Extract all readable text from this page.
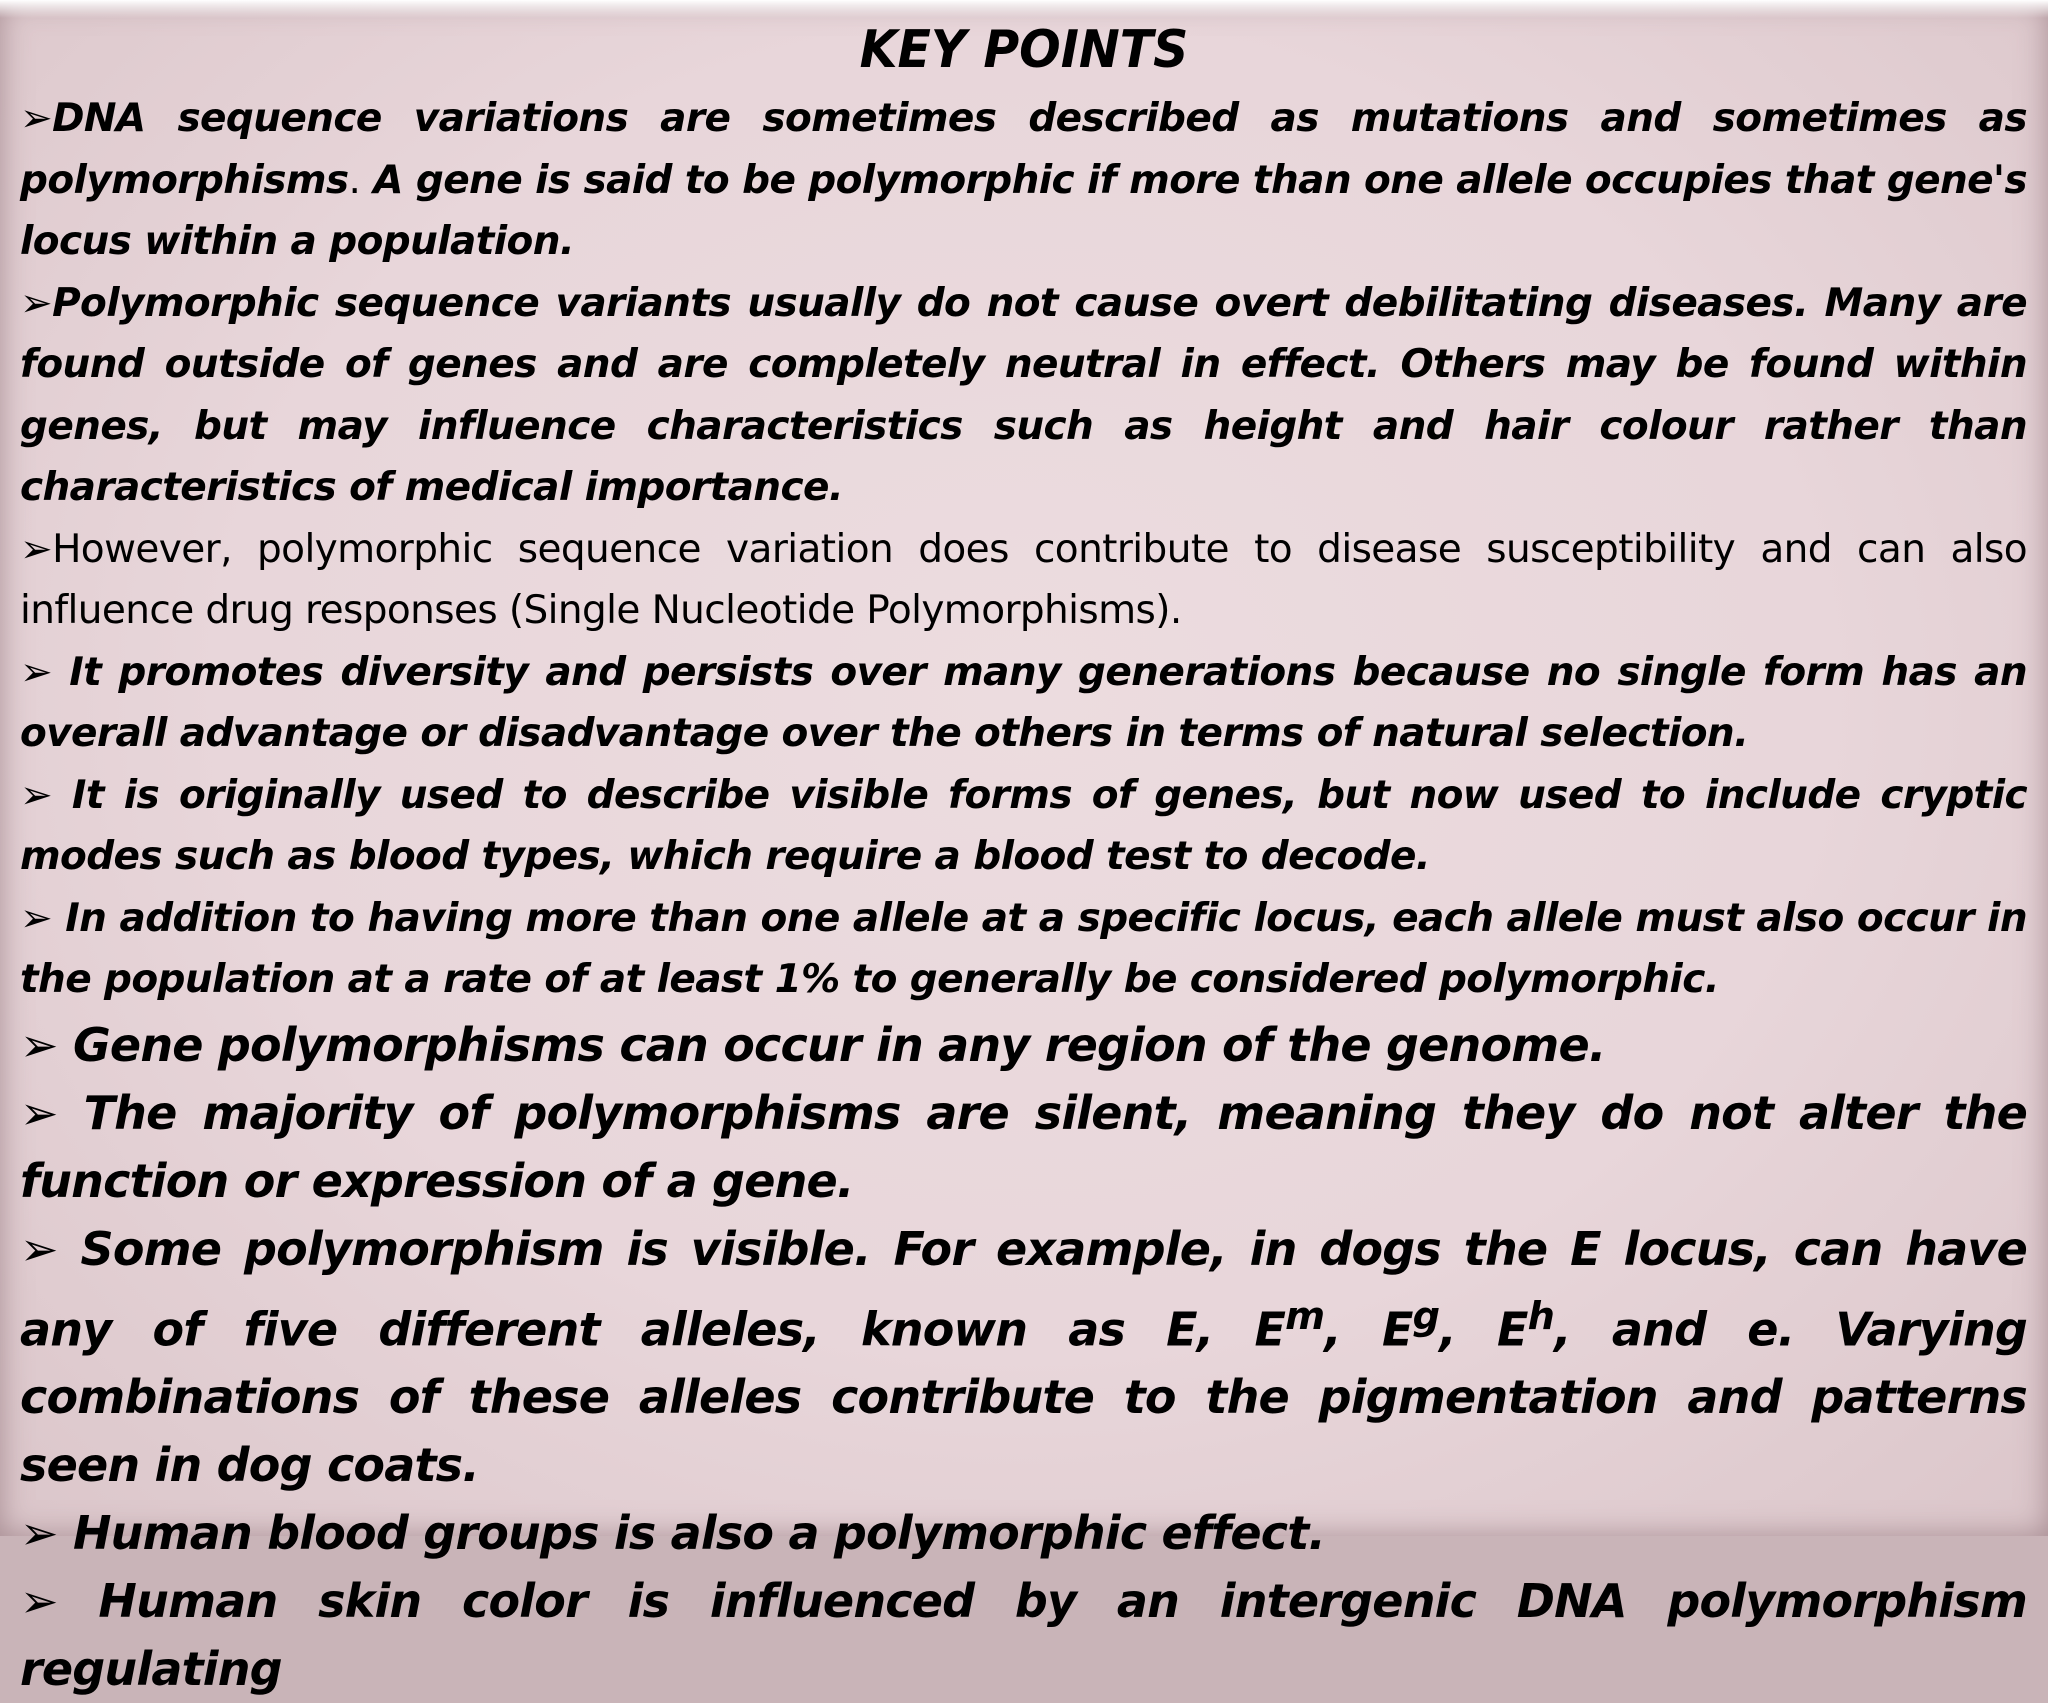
KEY POINTS

➢DNA sequence variations are sometimes described as mutations and sometimes as polymorphisms. A gene is said to be polymorphic if more than one allele occupies that gene's locus within a population.

➢Polymorphic sequence variants usually do not cause overt debilitating diseases. Many are found outside of genes and are completely neutral in effect. Others may be found within genes, but may influence characteristics such as height and hair colour rather than characteristics of medical importance.

➢However, polymorphic sequence variation does contribute to disease susceptibility and can also influence drug responses (Single Nucleotide Polymorphisms).

➢ It promotes diversity and persists over many generations because no single form has an overall advantage or disadvantage over the others in terms of natural selection.

➢ It is originally used to describe visible forms of genes, but now used to include cryptic modes such as blood types, which require a blood test to decode.

➢ In addition to having more than one allele at a specific locus, each allele must also occur in the population at a rate of at least 1% to generally be considered polymorphic.

➢ Gene polymorphisms can occur in any region of the genome.

➢ The majority of polymorphisms are silent, meaning they do not alter the function or expression of a gene.

➢ Some polymorphism is visible. For example, in dogs the E locus, can have any of five different alleles, known as E, $E^m$, $E^g$, $E^h$, and e. Varying combinations of these alleles contribute to the pigmentation and patterns seen in dog coats.

➢ Human blood groups is also a polymorphic effect.

➢ Human skin color is influenced by an intergenic DNA polymorphism regulating
